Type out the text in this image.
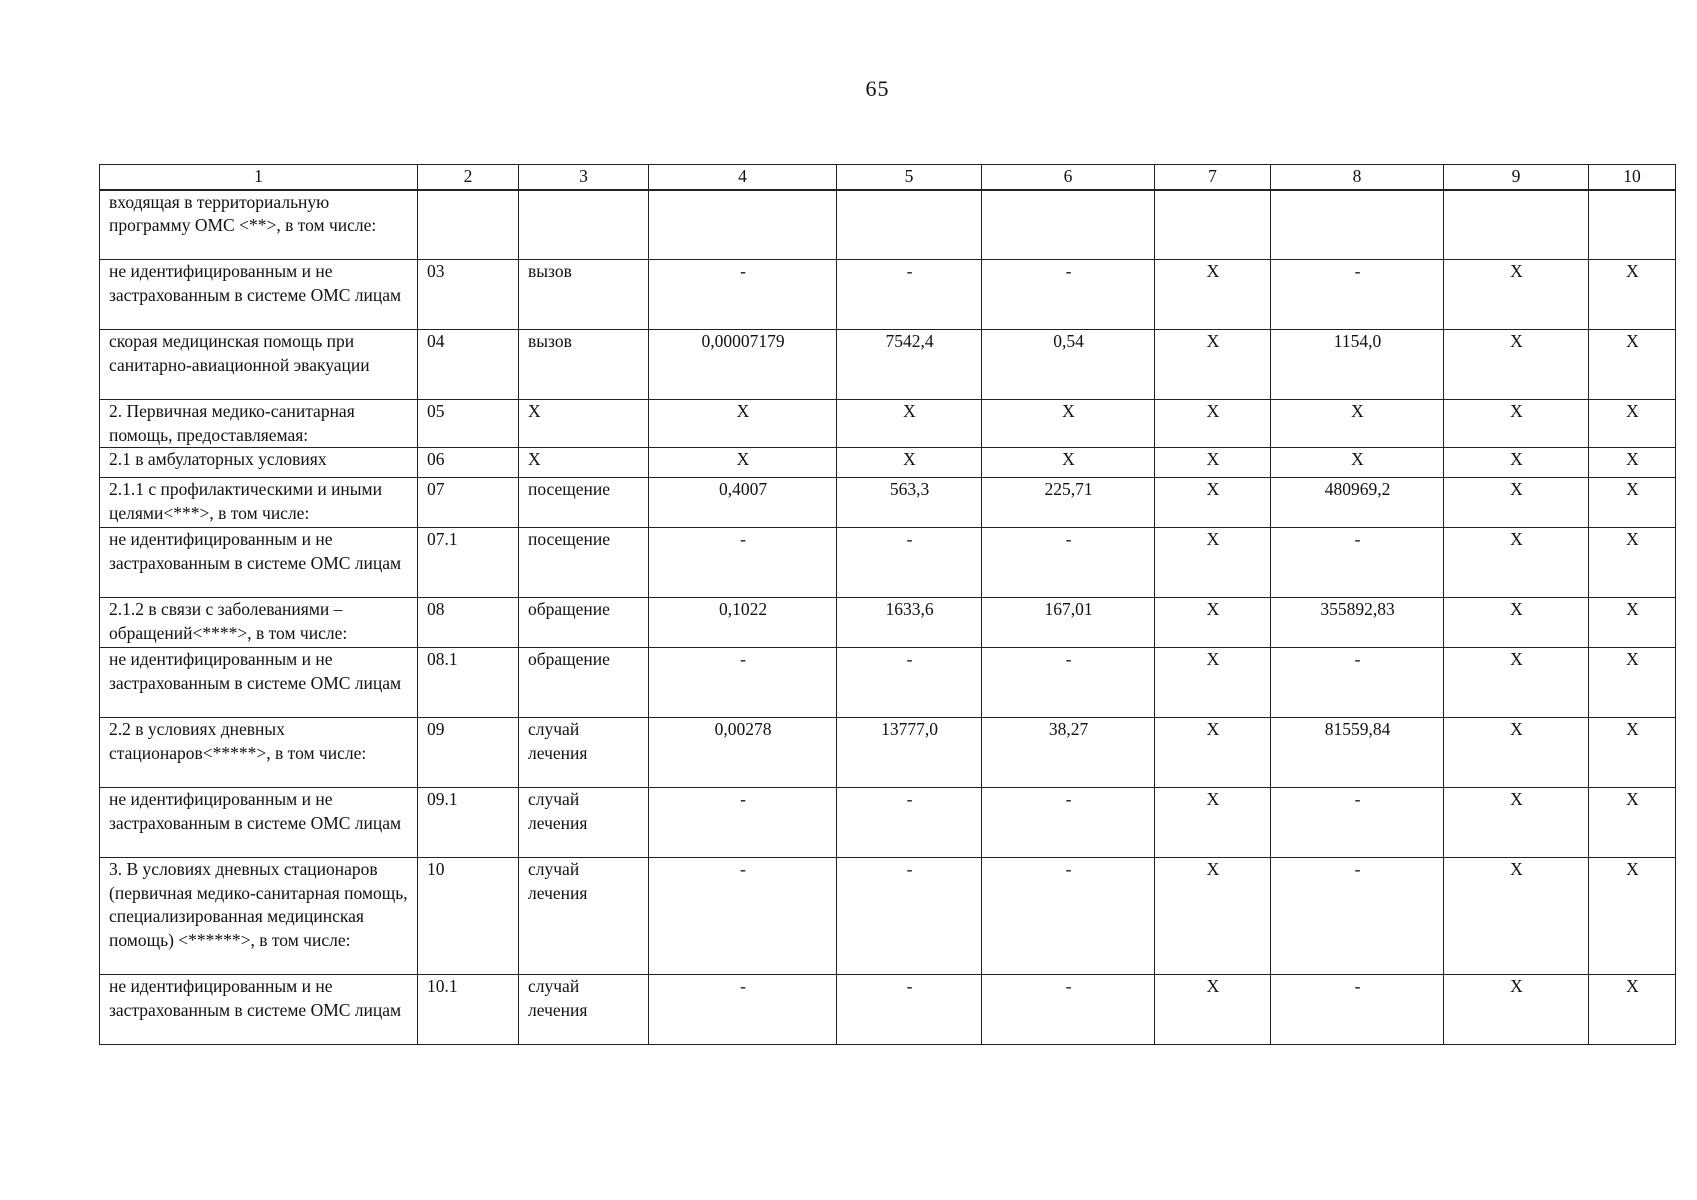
65
1	2	3	4	5	6	7	8	9	10
входящая в территориальную программу ОМС <**>, в том числе:									
не идентифицированным и не застрахованным в системе ОМС лицам	03	вызов	-	-	-	X	-	X	X
скорая медицинская помощь при санитарно-авиационной эвакуации	04	вызов	0,00007179	7542,4	0,54	X	1154,0	X	X
2. Первичная медико-санитарная помощь, предоставляемая:	05	X	X	X	X	X	X	X	X
2.1 в амбулаторных условиях	06	X	X	X	X	X	X	X	X
2.1.1 с профилактическими и иными целями<***>, в том числе:	07	посещение	0,4007	563,3	225,71	X	480969,2	X	X
не идентифицированным и не застрахованным в системе ОМС лицам	07.1	посещение	-	-	-	X	-	X	X
2.1.2 в связи с заболеваниями – обращений<****>, в том числе:	08	обращение	0,1022	1633,6	167,01	X	355892,83	X	X
не идентифицированным и не застрахованным в системе ОМС лицам	08.1	обращение	-	-	-	X	-	X	X
2.2 в условиях дневных стационаров<*****>, в том числе:	09	случай лечения	0,00278	13777,0	38,27	X	81559,84	X	X
не идентифицированным и не застрахованным в системе ОМС лицам	09.1	случай лечения	-	-	-	X	-	X	X
3. В условиях дневных стационаров (первичная медико-санитарная помощь, специализированная медицинская помощь) <******>, в том числе:	10	случай лечения	-	-	-	X	-	X	X
не идентифицированным и не застрахованным в системе ОМС лицам	10.1	случай лечения	-	-	-	X	-	X	X
